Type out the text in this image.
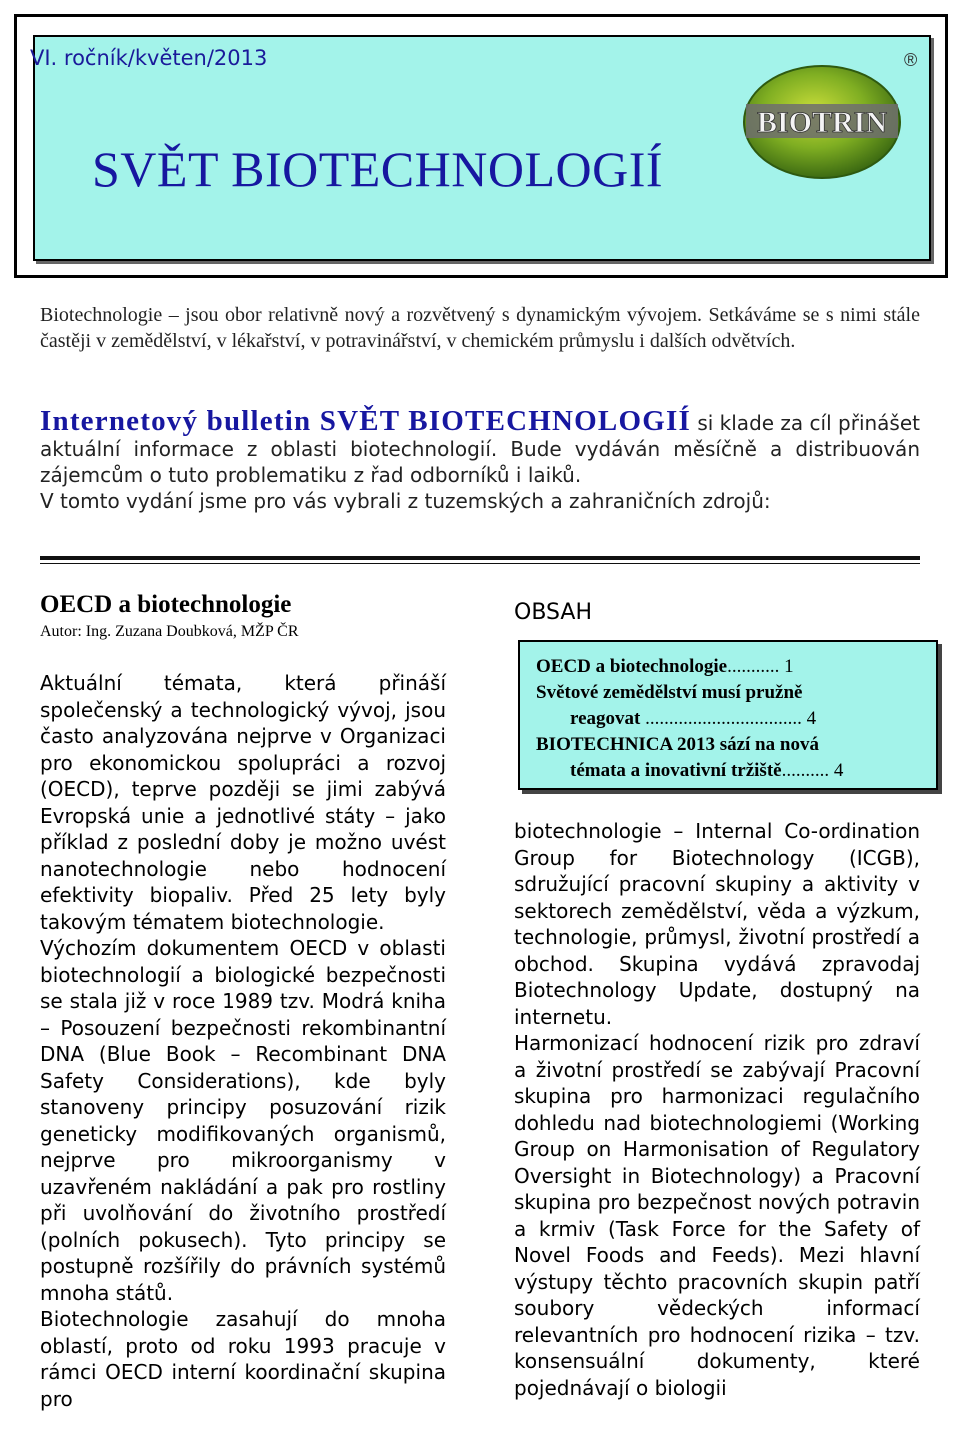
VI. ročník/květen/2013
SVĚT BIOTECHNOLOGIÍ
BIOTRIN
®
Biotechnologie – jsou obor relativně nový a rozvětvený s dynamickým vývojem. Setkáváme se s nimi stále častěji v zemědělství, v lékařství, v potravinářství, v chemickém průmyslu i dalších odvětvích.

Internetový bulletin SVĚT BIOTECHNOLOGIÍ si klade za cíl přinášet aktuální informace z oblasti biotechnologií. Bude vydáván měsíčně a distribuován zájemcům o tuto problematiku z řad odborníků i laiků.

V tomto vydání jsme pro vás vybrali z tuzemských a zahraničních zdrojů:

OECD a biotechnologie
Autor: Ing. Zuzana Doubková, MŽP ČR

Aktuální témata, která přináší společenský a technologický vývoj, jsou často analyzována nejprve v Organizaci pro ekonomickou spolupráci a rozvoj (OECD), teprve později se jimi zabývá Evropská unie a jednotlivé státy – jako příklad z poslední doby je možno uvést nanotechnologie nebo hodnocení efektivity biopaliv. Před 25 lety byly takovým tématem biotechnologie.

Výchozím dokumentem OECD v oblasti biotechnologií a biologické bezpečnosti se stala již v roce 1989 tzv. Modrá kniha – Posouzení bezpečnosti rekombinantní DNA (Blue Book – Recombinant DNA Safety Considerations), kde byly stanoveny principy posuzování rizik geneticky modifikovaných organismů, nejprve pro mikroorganismy v uzavřeném nakládání a pak pro rostliny při uvolňování do životního prostředí (polních pokusech). Tyto principy se postupně rozšířily do právních systémů mnoha států.

Biotechnologie zasahují do mnoha oblastí, proto od roku 1993 pracuje v rámci OECD interní koordinační skupina pro

OBSAH
OECD a biotechnologie........... 1
Světové zemědělství musí pružně
reagovat ................................. 4
BIOTECHNICA 2013 sází na nová
témata a inovativní tržiště.......... 4

biotechnologie – Internal Co-ordination Group for Biotechnology (ICGB), sdružující pracovní skupiny a aktivity v sektorech zemědělství, věda a výzkum, technologie, průmysl, životní prostředí a obchod. Skupina vydává zpravodaj Biotechnology Update, dostupný na internetu.

Harmonizací hodnocení rizik pro zdraví a životní prostředí se zabývají Pracovní skupina pro harmonizaci regulačního dohledu nad biotechnologiemi (Working Group on Harmonisation of Regulatory Oversight in Biotechnology) a Pracovní skupina pro bezpečnost nových potravin a krmiv (Task Force for the Safety of Novel Foods and Feeds). Mezi hlavní výstupy těchto pracovních skupin patří soubory vědeckých informací relevantních pro hodnocení rizika – tzv. konsensuální dokumenty, které pojednávají o biologii
